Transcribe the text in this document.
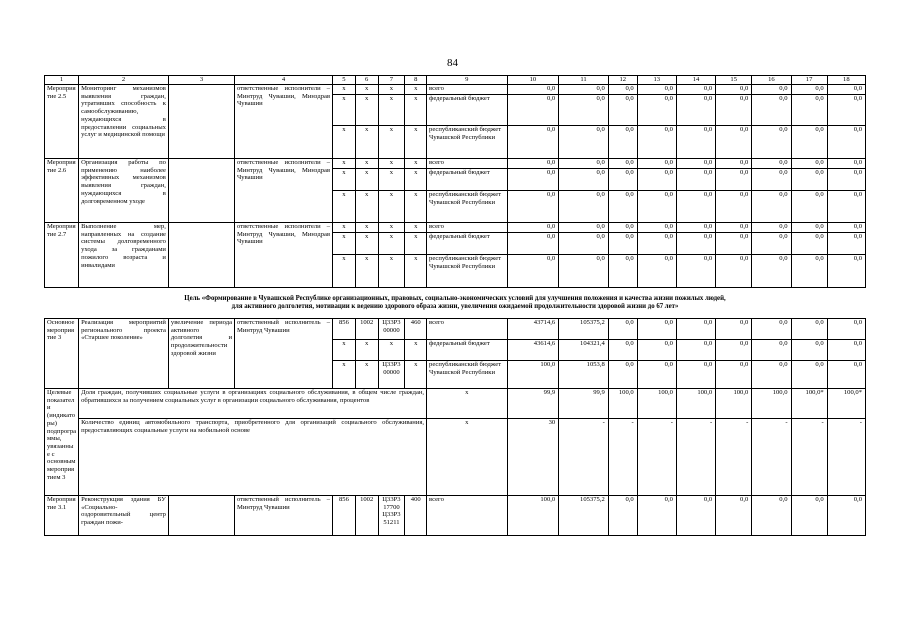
84
1	2	3	4	5	6	7	8	9	10	11	12	13	14	15	16	17	18
Мероприятие 2.5	Мониторинг механизмов выявления граждан, утративших способность к самообслуживанию, нуждающихся в предоставлении социальных услуг и медицинской помощи		ответственные исполнители – Минтруд Чувашии, Минздрав Чувашии	x	x	x	x	всего	0,0	0,0	0,0	0,0	0,0	0,0	0,0	0,0	0,0
				x	x	x	x	федеральный бюджет	0,0	0,0	0,0	0,0	0,0	0,0	0,0	0,0	0,0
				x	x	x	x	республиканский бюджет Чувашской Республики	0,0	0,0	0,0	0,0	0,0	0,0	0,0	0,0	0,0
Мероприятие 2.6	Организация работы по применению наиболее эффективных механизмов выявления граждан, нуждающихся в долговременном уходе		ответственные исполнители – Минтруд Чувашии, Минздрав Чувашии	x	x	x	x	всего	0,0	0,0	0,0	0,0	0,0	0,0	0,0	0,0	0,0
				x	x	x	x	федеральный бюджет	0,0	0,0	0,0	0,0	0,0	0,0	0,0	0,0	0,0
				x	x	x	x	республиканский бюджет Чувашской Республики	0,0	0,0	0,0	0,0	0,0	0,0	0,0	0,0	0,0
Мероприятие 2.7	Выполнение мер, направленных на создание системы долговременного ухода за гражданами пожилого возраста и инвалидами		ответственные исполнители – Минтруд Чувашии, Минздрав Чувашии	x	x	x	x	всего	0,0	0,0	0,0	0,0	0,0	0,0	0,0	0,0	0,0
				x	x	x	x	федеральный бюджет	0,0	0,0	0,0	0,0	0,0	0,0	0,0	0,0	0,0
				x	x	x	x	республиканский бюджет Чувашской Республики	0,0	0,0	0,0	0,0	0,0	0,0	0,0	0,0	0,0

Цель «Формирование в Чувашской Республике организационных, правовых, социально-экономических условий для улучшения положения и качества жизни пожилых людей,
для активного долголетия, мотивации к ведению здорового образа жизни, увеличения ожидаемой продолжительности здоровой жизни до 67 лет»																	

Основное мероприятие 3	Реализация мероприятий регионального проекта «Старшее поколение»	увеличение периода активного долголетия и продолжительности здоровой жизни	ответственный исполнитель – Минтруд Чувашии	856	1002	Ц33Р3 00000	460	всего	43714,6	105375,2	0,0	0,0	0,0	0,0	0,0	0,0	0,0
				x	x	x	x	федеральный бюджет	43614,6	104321,4	0,0	0,0	0,0	0,0	0,0	0,0	0,0
				x	x	Ц33Р3 00000	x	республиканский бюджет Чувашской Республики	100,0	1053,8	0,0	0,0	0,0	0,0	0,0	0,0	0,0
Целевые показатели (индикаторы) подпрограммы, увязанные с основным мероприятием 3	Доля граждан, получивших социальные услуги в организациях социального обслуживания, в общем числе граждан, обратившихся за получением социальных услуг в организации социального обслуживания, процентов							x	99,9	99,9	100,0	100,0	100,0	100,0	100,0	100,0*	100,0*
	Количество единиц автомобильного транспорта, приобретенного для организаций социального обслуживания, предоставляющих социальные услуги на мобильной основе							x	30	-	-	-	-	-	-	-	-
Мероприятие 3.1	Реконструкция здания БУ «Социально-оздоровительный центр граждан пожи-		ответственный исполнитель – Минтруд Чувашии	856	1002	Ц33Р3 17700 Ц33Р3 51211	400	всего	100,0	105375,2	0,0	0,0	0,0	0,0	0,0	0,0	0,0
